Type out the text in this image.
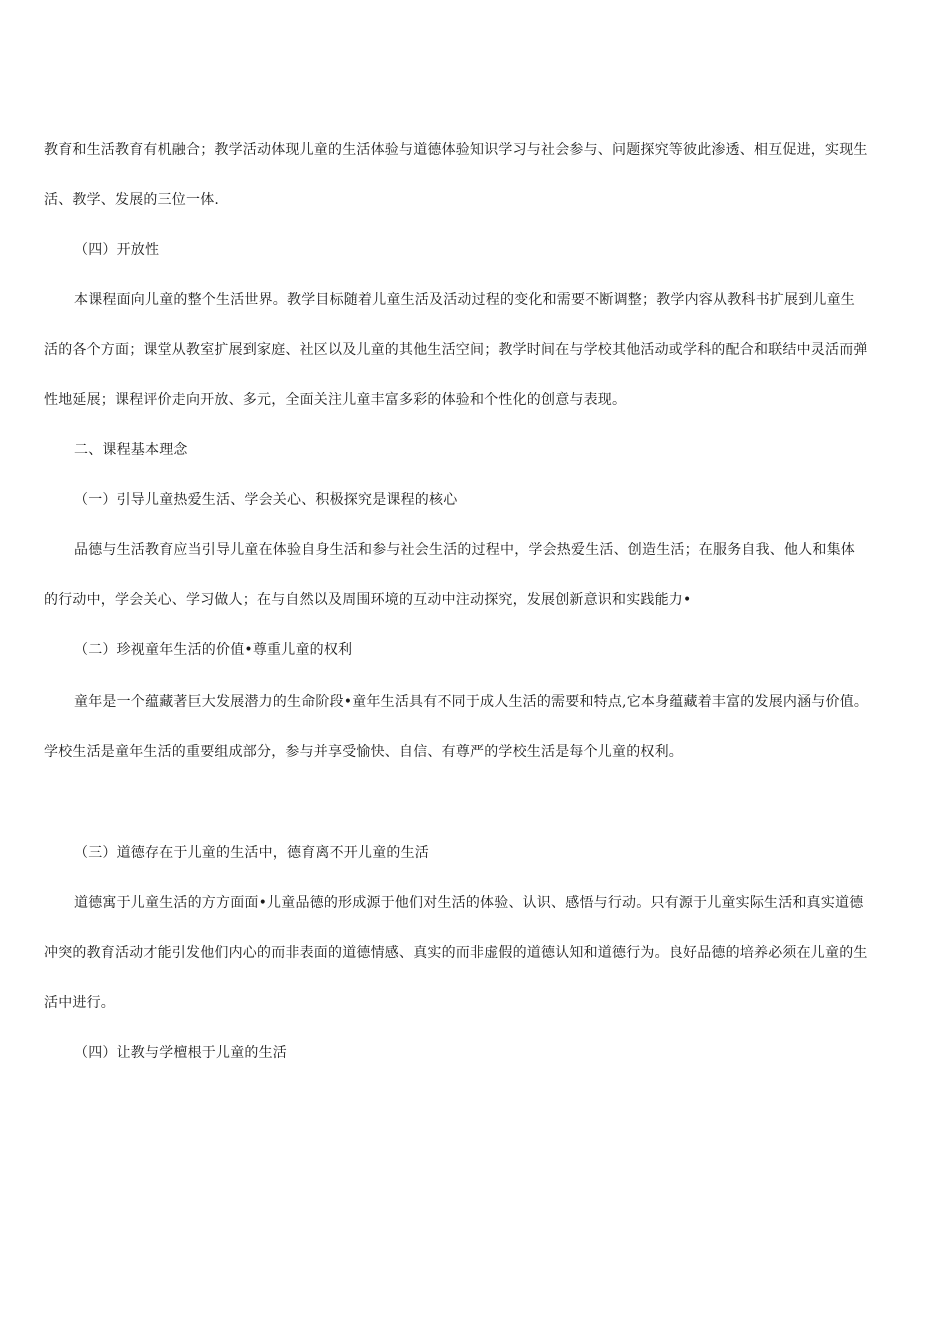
教育和生活教育有机融合；教学活动体现儿童的生活体验与道德体验知识学习与社会参与、问题探究等彼此渗透、相互促进，实现生
活、教学、发展的三位一体.
（四）开放性
本课程面向儿童的整个生活世界。教学目标随着儿童生活及活动过程的变化和需要不断调整；教学内容从教科书扩展到儿童生
活的各个方面；课堂从教室扩展到家庭、社区以及儿童的其他生活空间；教学时间在与学校其他活动或学科的配合和联结中灵活而弹
性地延展；课程评价走向开放、多元，全面关注儿童丰富多彩的体验和个性化的创意与表现。
二、课程基本理念
（一）引导儿童热爱生活、学会关心、积极探究是课程的核心
品德与生活教育应当引导儿童在体验自身生活和参与社会生活的过程中，学会热爱生活、创造生活；在服务自我、他人和集体
的行动中，学会关心、学习做人；在与自然以及周围环境的互动中注动探究，发展创新意识和实践能力•
（二）珍视童年生活的价值•尊重儿童的权利
童年是一个蕴藏著巨大发展潜力的生命阶段•童年生活具有不同于成人生活的需要和特点,它本身蕴藏着丰富的发展内涵与价值。
学校生活是童年生活的重要组成部分，参与并享受愉快、自信、有尊严的学校生活是每个儿童的权利。
（三）道德存在于儿童的生活中，德育离不开儿童的生活
道德寓于儿童生活的方方面面•儿童品德的形成源于他们对生活的体验、认识、感悟与行动。只有源于儿童实际生活和真实道德
冲突的教育活动才能引发他们内心的而非表面的道德情感、真实的而非虚假的道德认知和道德行为。良好品德的培养必须在儿童的生
活中进行。
（四）让教与学檀根于儿童的生活
